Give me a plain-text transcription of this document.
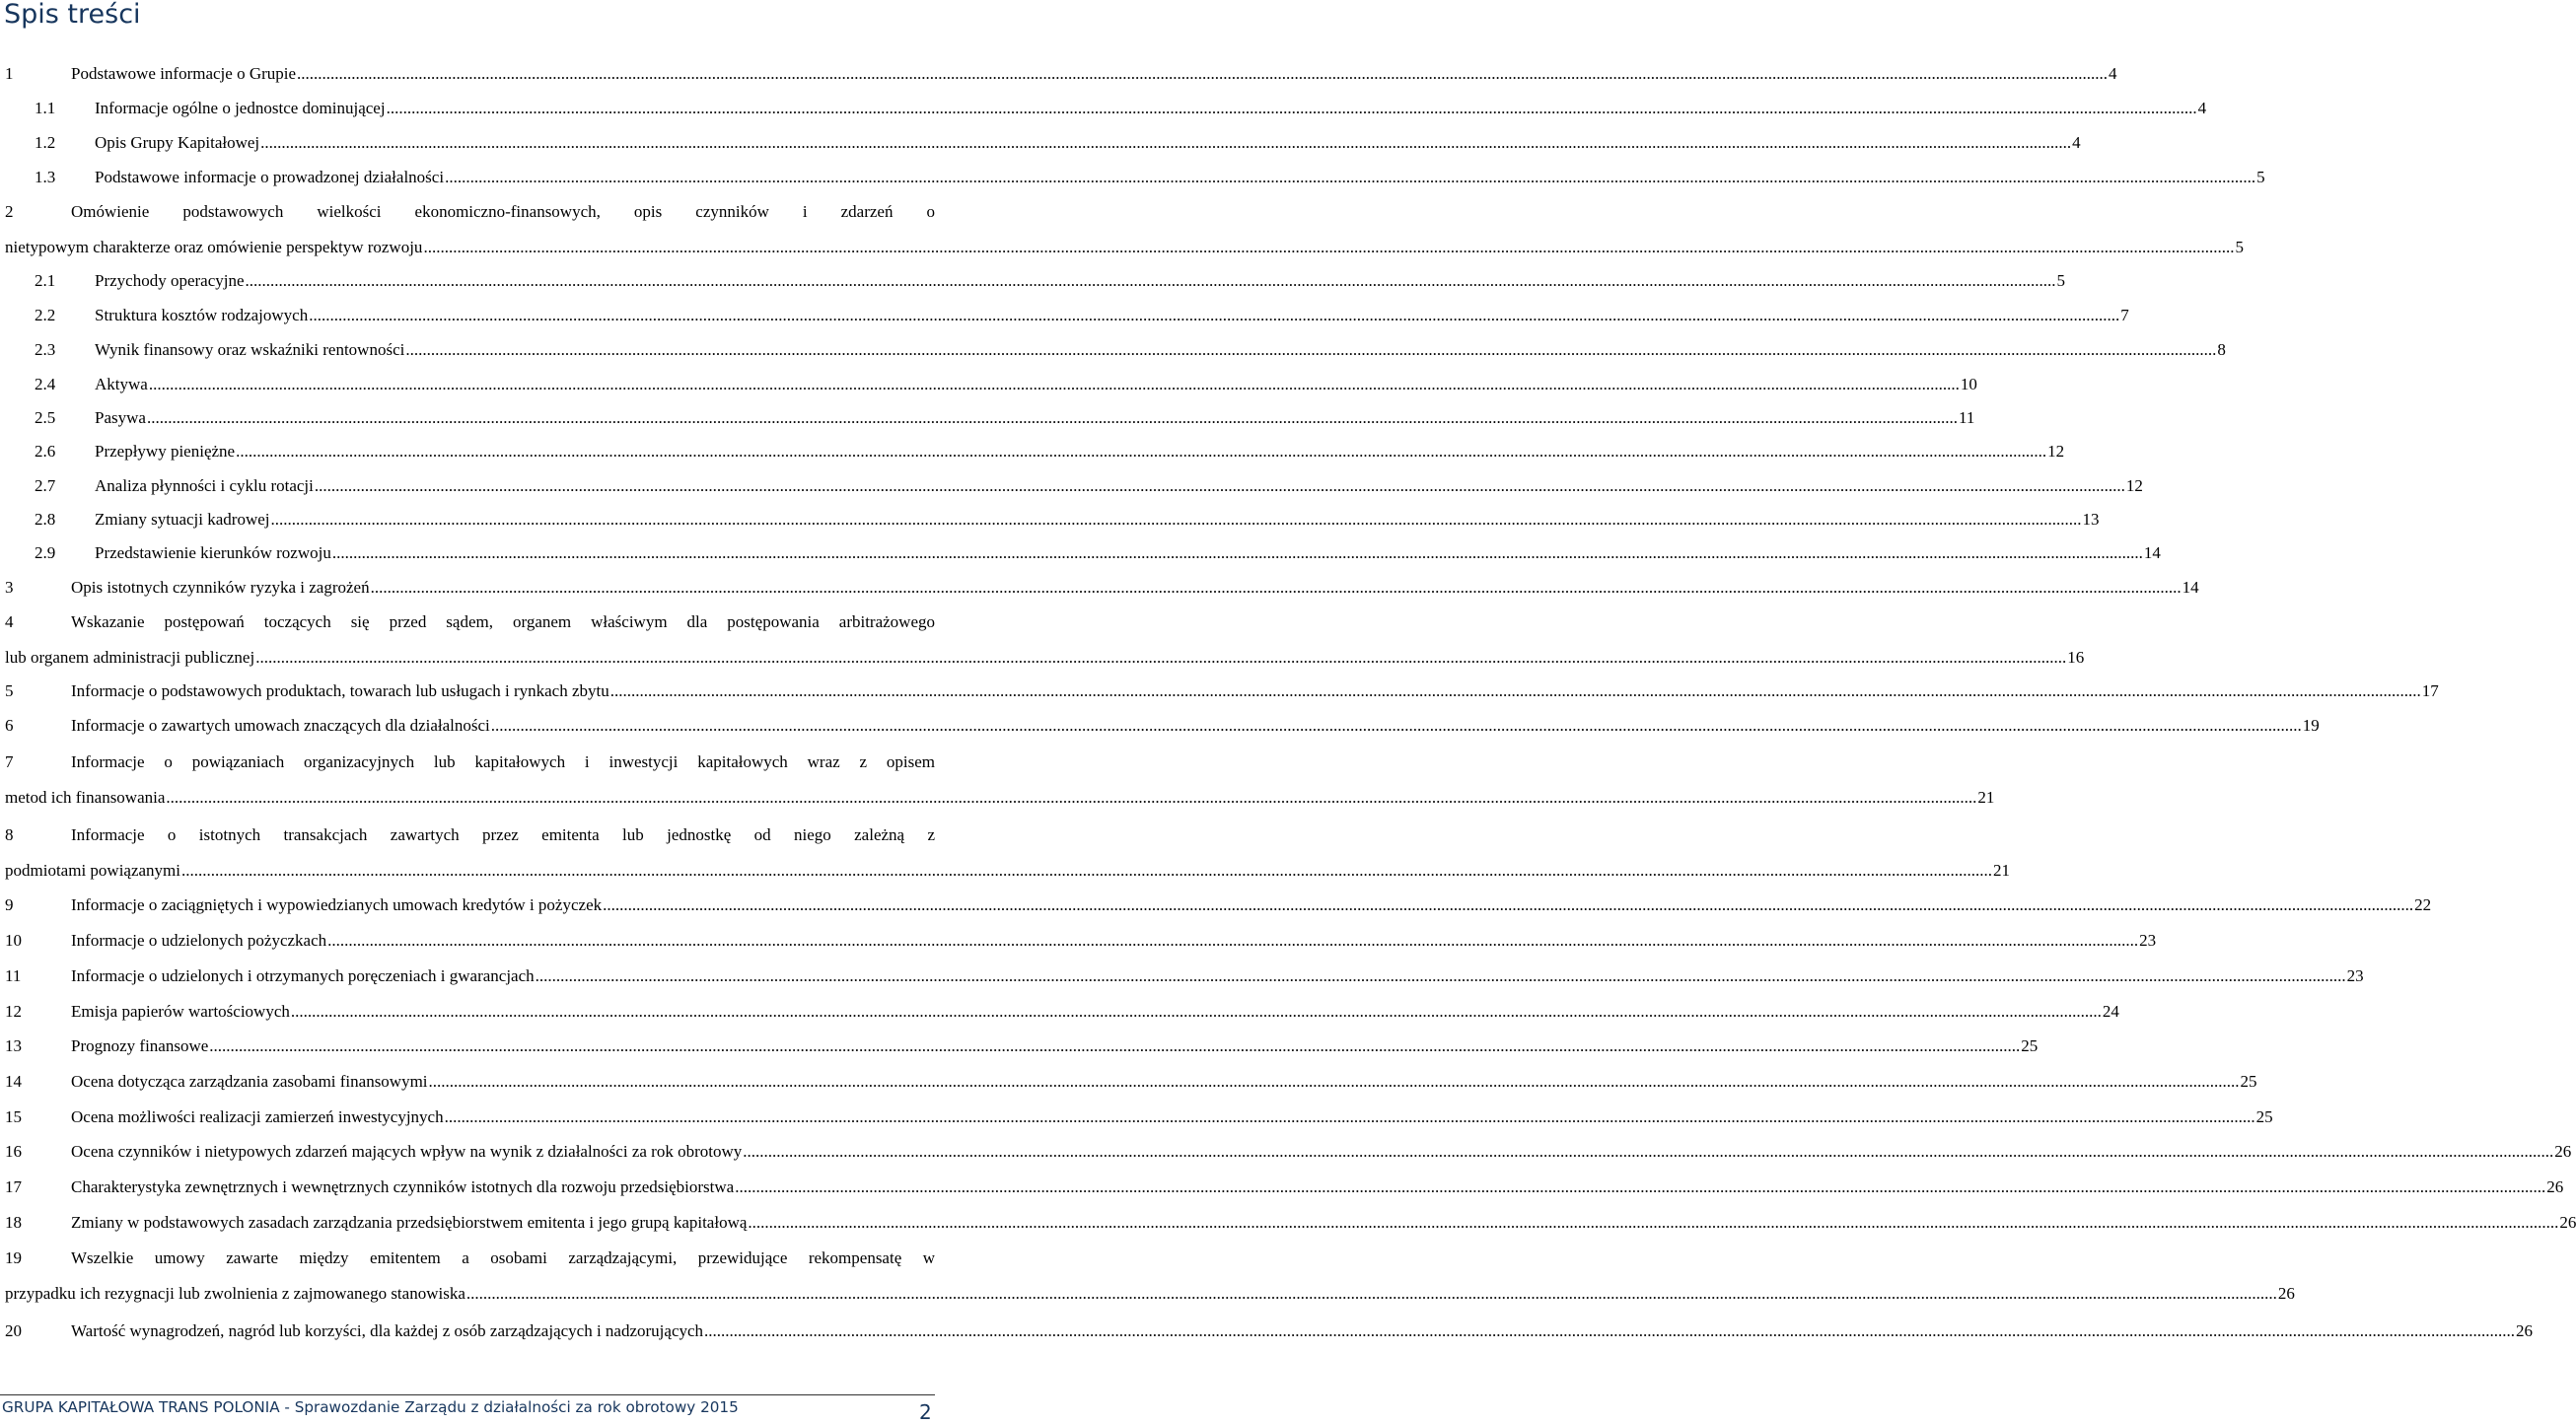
Spis treści
1	Podstawowe informacje o Grupie .....	4
1.1	Informacje ogólne o jednostce dominującej .....	4
1.2	Opis Grupy Kapitałowej .....	4
1.3	Podstawowe informacje o prowadzonej działalności .....	5
2	Omówienie podstawowych wielkości ekonomiczno-finansowych, opis czynników i zdarzeń o
nietypowym charakterze oraz omówienie perspektyw rozwoju .....	5
2.1	Przychody operacyjne .....	5
2.2	Struktura kosztów rodzajowych .....	7
2.3	Wynik finansowy oraz wskaźniki rentowności .....	8
2.4	Aktywa .....	10
2.5	Pasywa .....	11
2.6	Przepływy pieniężne .....	12
2.7	Analiza płynności i cyklu rotacji .....	12
2.8	Zmiany sytuacji kadrowej .....	13
2.9	Przedstawienie kierunków rozwoju .....	14
3	Opis istotnych czynników ryzyka i zagrożeń .....	14
4	Wskazanie postępowań toczących się przed sądem, organem właściwym dla postępowania arbitrażowego
lub organem administracji publicznej .....	16
5	Informacje o podstawowych produktach, towarach lub usługach i rynkach zbytu .....	17
6	Informacje o zawartych umowach znaczących dla działalności .....	19
7	Informacje o powiązaniach organizacyjnych lub kapitałowych i inwestycji kapitałowych wraz z opisem
metod ich finansowania .....	21
8	Informacje o istotnych transakcjach zawartych przez emitenta lub jednostkę od niego zależną z
podmiotami powiązanymi .....	21
9	Informacje o zaciągniętych i wypowiedzianych umowach kredytów i pożyczek .....	22
10	Informacje o udzielonych pożyczkach .....	23
11	Informacje o udzielonych i otrzymanych poręczeniach i gwarancjach .....	23
12	Emisja papierów wartościowych .....	24
13	Prognozy finansowe .....	25
14	Ocena dotycząca zarządzania zasobami finansowymi .....	25
15	Ocena możliwości realizacji zamierzeń inwestycyjnych .....	25
16	Ocena czynników i nietypowych zdarzeń mających wpływ na wynik z działalności za rok obrotowy .....	26
17	Charakterystyka zewnętrznych i wewnętrznych czynników istotnych dla rozwoju przedsiębiorstwa .....	26
18	Zmiany w podstawowych zasadach zarządzania przedsiębiorstwem emitenta i jego grupą kapitałową .....	26
19	Wszelkie umowy zawarte między emitentem a osobami zarządzającymi, przewidujące rekompensatę w
przypadku ich rezygnacji lub zwolnienia z zajmowanego stanowiska .....	26
20	Wartość wynagrodzeń, nagród lub korzyści, dla każdej z osób zarządzających i nadzorujących .....	26
GRUPA KAPITAŁOWA TRANS POLONIA - Sprawozdanie Zarządu z działalności za rok obrotowy 2015	2
